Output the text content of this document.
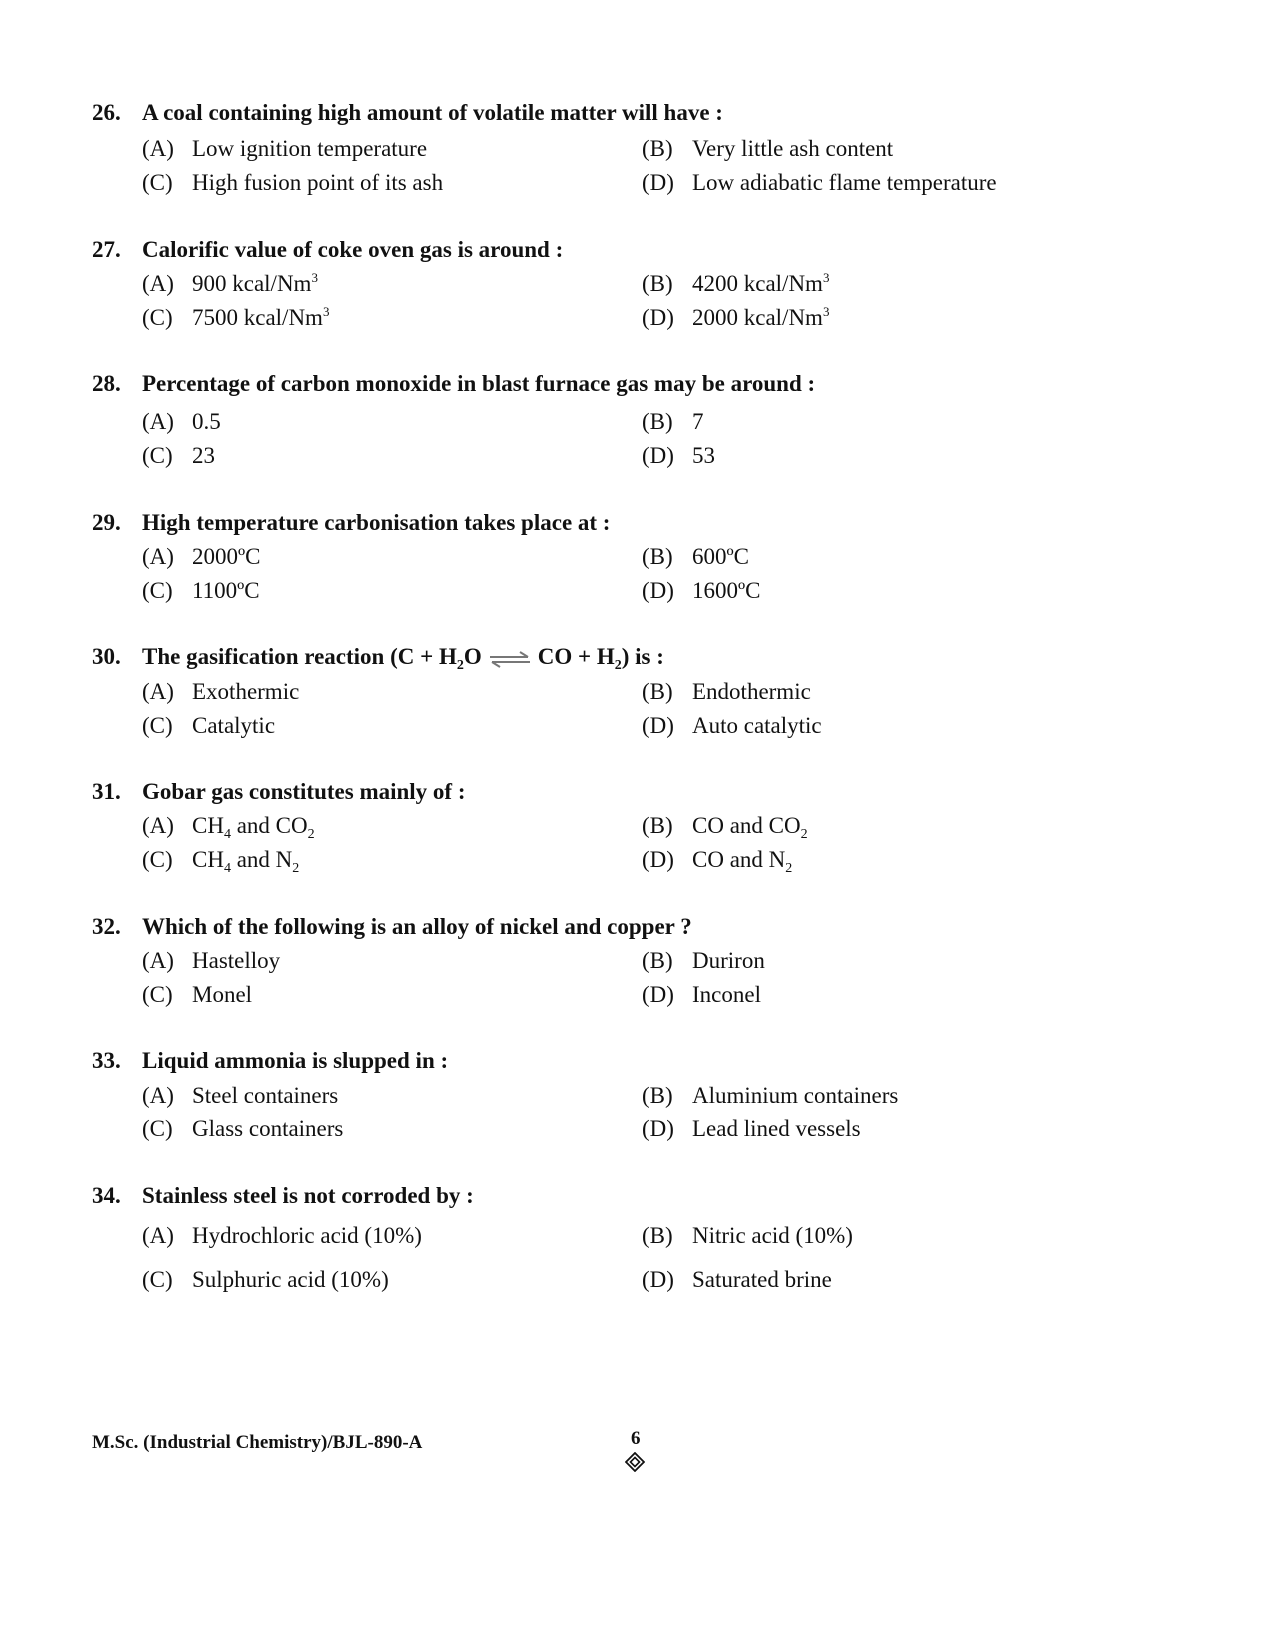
26. A coal containing high amount of volatile matter will have :
(A) Low ignition temperature	(B) Very little ash content
(C) High fusion point of its ash	(D) Low adiabatic flame temperature
27. Calorific value of coke oven gas is around :
(A) 900 kcal/Nm$^3$	(B) 4200 kcal/Nm$^3$
(C) 7500 kcal/Nm$^3$	(D) 2000 kcal/Nm$^3$
28. Percentage of carbon monoxide in blast furnace gas may be around :
(A) 0.5	(B) 7
(C) 23	(D) 53
29. High temperature carbonisation takes place at :
(A) 2000ºC	(B) 600ºC
(C) 1100ºC	(D) 1600ºC
30. The gasification reaction ($C + H_2O$ ⇌ CO + $H_2$) is :
(A) Exothermic	(B) Endothermic
(C) Catalytic	(D) Auto catalytic
31. Gobar gas constitutes mainly of :
(A) $CH_4$ and $CO_2$	(B) CO and $CO_2$
(C) $CH_4$ and $N_2$	(D) CO and $N_2$
32. Which of the following is an alloy of nickel and copper ?
(A) Hastelloy	(B) Duriron
(C) Monel	(D) Inconel
33. Liquid ammonia is slupped in :
(A) Steel containers	(B) Aluminium containers
(C) Glass containers	(D) Lead lined vessels
34. Stainless steel is not corroded by :
(A) Hydrochloric acid (10%)	(B) Nitric acid (10%)
(C) Sulphuric acid (10%)	(D) Saturated brine
M.Sc. (Industrial Chemistry)/BJL-890-A	6
